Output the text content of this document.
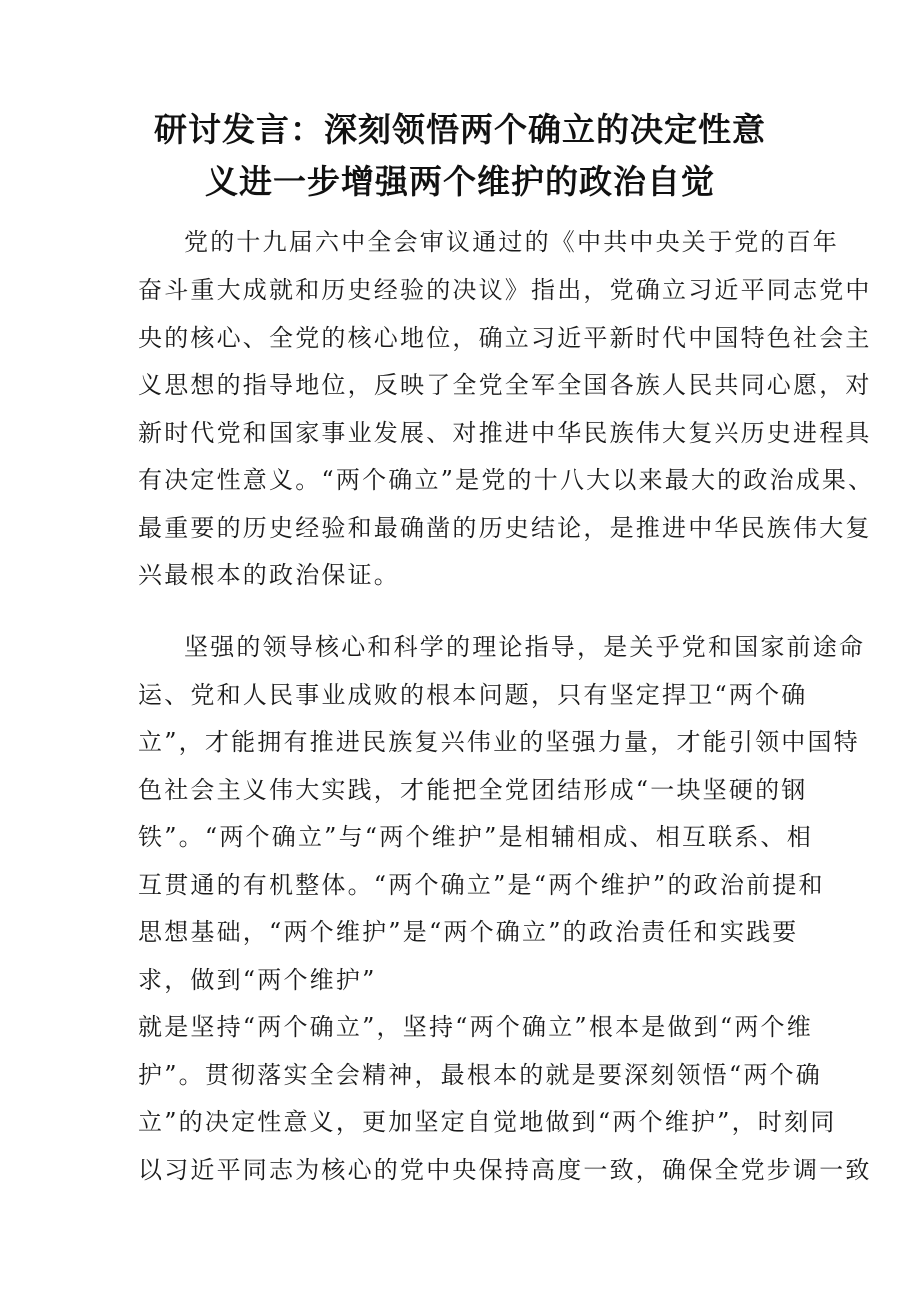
研讨发言：深刻领悟两个确立的决定性意
义进一步增强两个维护的政治自觉
党的十九届六中全会审议通过的《中共中央关于党的百年
奋斗重大成就和历史经验的决议》指出，党确立习近平同志党中
央的核心、全党的核心地位，确立习近平新时代中国特色社会主
义思想的指导地位，反映了全党全军全国各族人民共同心愿，对
新时代党和国家事业发展、对推进中华民族伟大复兴历史进程具
有决定性意义。“两个确立”是党的十八大以来最大的政治成果、
最重要的历史经验和最确凿的历史结论，是推进中华民族伟大复
兴最根本的政治保证。
坚强的领导核心和科学的理论指导，是关乎党和国家前途命
运、党和人民事业成败的根本问题，只有坚定捍卫“两个确
立”，才能拥有推进民族复兴伟业的坚强力量，才能引领中国特
色社会主义伟大实践，才能把全党团结形成“一块坚硬的钢
铁”。“两个确立”与“两个维护”是相辅相成、相互联系、相
互贯通的有机整体。“两个确立”是“两个维护”的政治前提和
思想基础，“两个维护”是“两个确立”的政治责任和实践要
求，做到“两个维护”
就是坚持“两个确立”，坚持“两个确立”根本是做到“两个维
护”。贯彻落实全会精神，最根本的就是要深刻领悟“两个确
立”的决定性意义，更加坚定自觉地做到“两个维护”，时刻同
以习近平同志为核心的党中央保持高度一致，确保全党步调一致
